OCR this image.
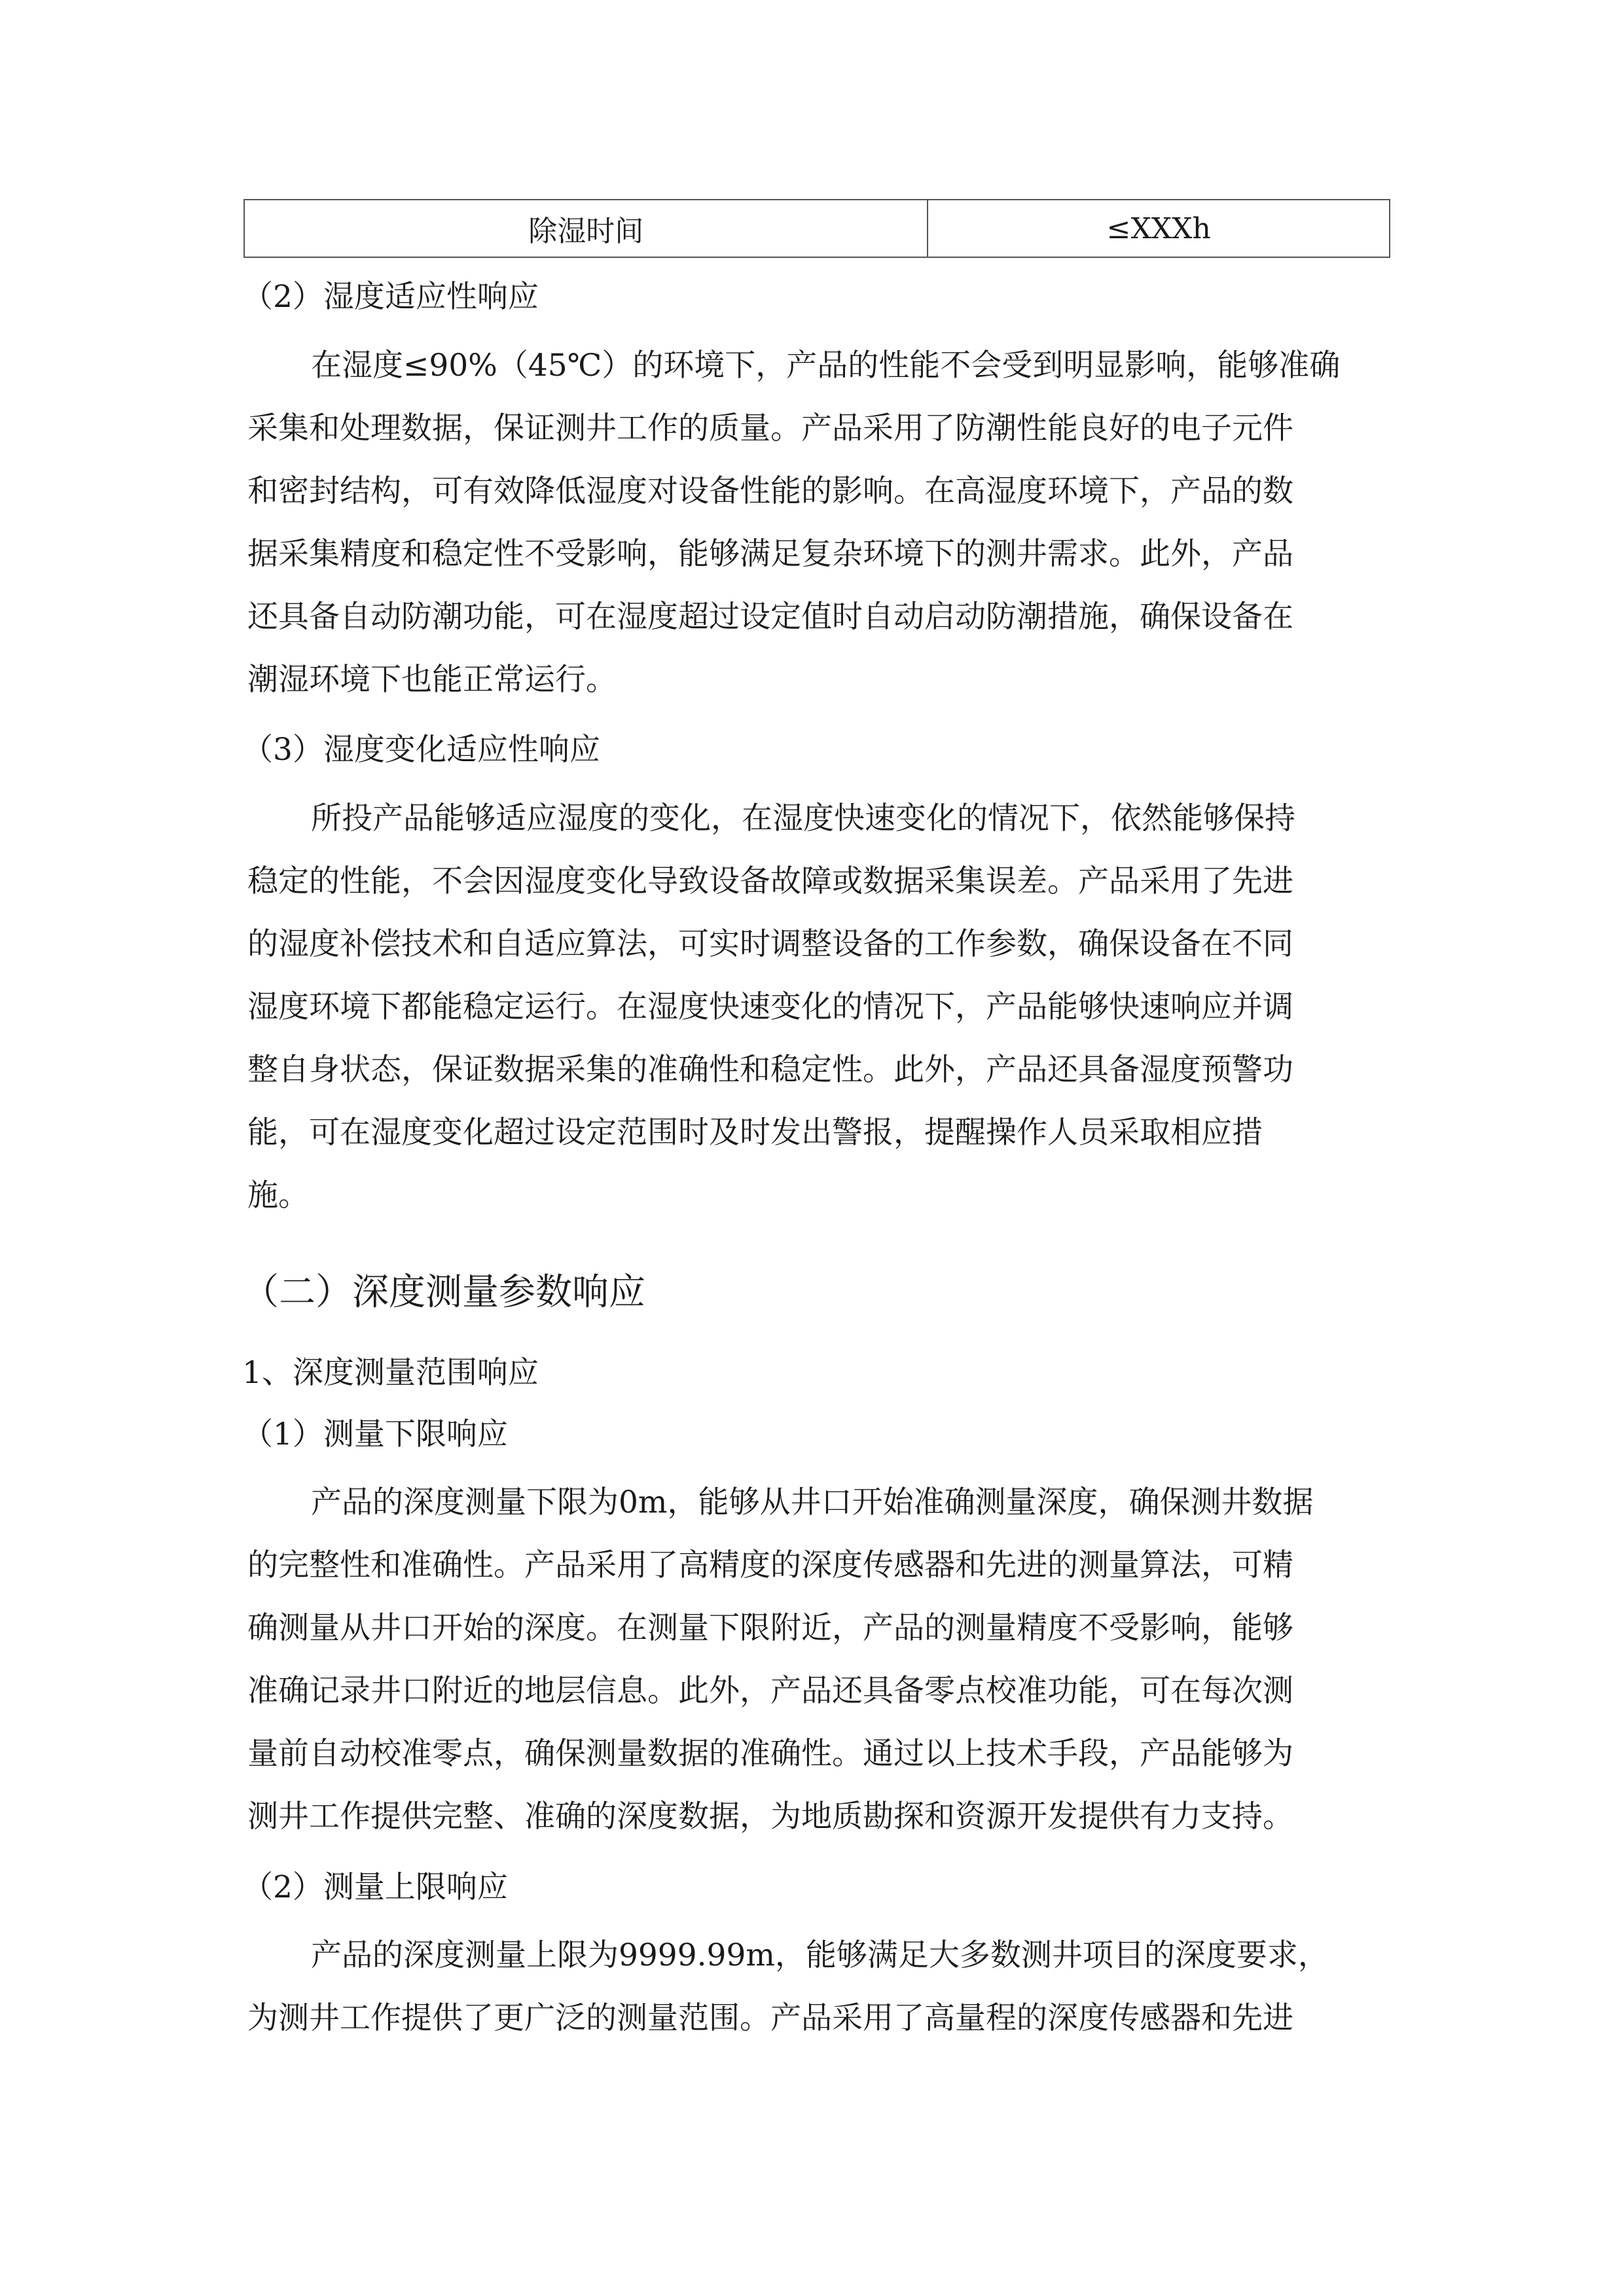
除湿时间	≤XXXh
（2）湿度适应性响应
在湿度≤90%（45℃）的环境下，产品的性能不会受到明显影响，能够准确
采集和处理数据，保证测井工作的质量。产品采用了防潮性能良好的电子元件
和密封结构，可有效降低湿度对设备性能的影响。在高湿度环境下，产品的数
据采集精度和稳定性不受影响，能够满足复杂环境下的测井需求。此外，产品
还具备自动防潮功能，可在湿度超过设定值时自动启动防潮措施，确保设备在
潮湿环境下也能正常运行。
（3）湿度变化适应性响应
所投产品能够适应湿度的变化，在湿度快速变化的情况下，依然能够保持
稳定的性能，不会因湿度变化导致设备故障或数据采集误差。产品采用了先进
的湿度补偿技术和自适应算法，可实时调整设备的工作参数，确保设备在不同
湿度环境下都能稳定运行。在湿度快速变化的情况下，产品能够快速响应并调
整自身状态，保证数据采集的准确性和稳定性。此外，产品还具备湿度预警功
能，可在湿度变化超过设定范围时及时发出警报，提醒操作人员采取相应措
施。
（二）深度测量参数响应
1、深度测量范围响应
（1）测量下限响应
产品的深度测量下限为0m，能够从井口开始准确测量深度，确保测井数据
的完整性和准确性。产品采用了高精度的深度传感器和先进的测量算法，可精
确测量从井口开始的深度。在测量下限附近，产品的测量精度不受影响，能够
准确记录井口附近的地层信息。此外，产品还具备零点校准功能，可在每次测
量前自动校准零点，确保测量数据的准确性。通过以上技术手段，产品能够为
测井工作提供完整、准确的深度数据，为地质勘探和资源开发提供有力支持。
（2）测量上限响应
产品的深度测量上限为9999.99m，能够满足大多数测井项目的深度要求，
为测井工作提供了更广泛的测量范围。产品采用了高量程的深度传感器和先进
